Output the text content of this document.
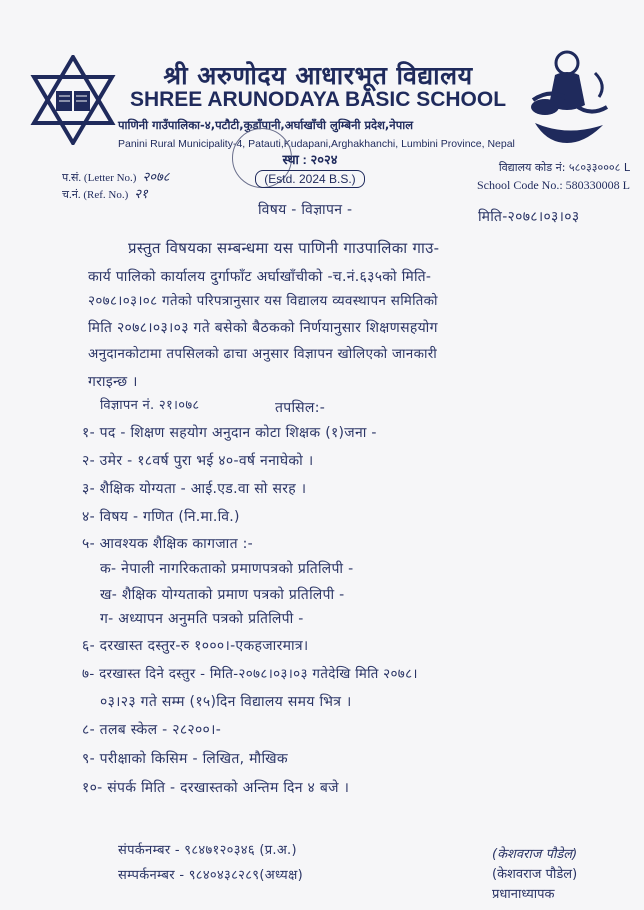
श्री अरुणोदय आधारभूत विद्यालय
SHREE ARUNODAYA BASIC SCHOOL
पाणिनी गाउँपालिका-४,पटौटी,कुडाँपानी,अर्घाखाँची लुम्बिनी प्रदेश,नेपाल
Panini Rural Municipality-4, Patauti,Kudapani,Arghakhanchi, Lumbini Province, Nepal
प.सं. (Letter No.) २०७८
च.नं. (Ref. No.) २१
स्था : २०२४
(Estd. 2024 B.S.)
विद्यालय कोड नं: ५८०३३०००८ L
School Code No.: 580330008 L
विषय - विज्ञापन -	मिति-२०७८।०३।०३
प्रस्तुत विषयका सम्बन्धमा यस पाणिनी गाउपालिका गाउ-
कार्य पालिको कार्यालय दुर्गाफाँट अर्घाखाँचीको -च.नं.६३५को मिति-
२०७८।०३।०८ गतेको परिपत्रानुसार यस विद्यालय व्यवस्थापन समितिको
मिति २०७८।०३।०३ गते बसेको बैठकको निर्णयानुसार शिक्षणसहयोग
अनुदानकोटामा तपसिलको ढाचा अनुसार विज्ञापन खोलिएको जानकारी
गराइन्छ ।
विज्ञापन नं. २१।०७८	तपसिल:-
१- पद - शिक्षण सहयोग अनुदान कोटा शिक्षक (१)जना -
२- उमेर - १८वर्ष पुरा भई ४०-वर्ष ननाघेको ।
३- शैक्षिक योग्यता - आई.एड.वा सो सरह ।
४- विषय - गणित (नि.मा.वि.)
५- आवश्यक शैक्षिक कागजात :-
क- नेपाली नागरिकताको प्रमाणपत्रको प्रतिलिपी -
ख- शैक्षिक योग्यताको प्रमाण पत्रको प्रतिलिपी -
ग- अध्यापन अनुमति पत्रको प्रतिलिपी -
६- दरखास्त दस्तुर-रु १०००।-एकहजारमात्र।
७- दरखास्त दिने दस्तुर - मिति-२०७८।०३।०३ गतेदेखि मिति २०७८।
०३।२३ गते सम्म (१५)दिन विद्यालय समय भित्र ।
८- तलब स्केल - २८२००।-
९- परीक्षाको किसिम - लिखित, मौखिक
१०- संपर्क मिति - दरखास्तको अन्तिम दिन ४ बजे ।
संपर्कनम्बर - ९८४७१२०३४६ (प्र.अ.)
सम्पर्कनम्बर - ९८४०४३८२८९(अध्यक्ष)
(केशवराज पौडेल)
(केशवराज पौडेल)
प्रधानाध्यापक
